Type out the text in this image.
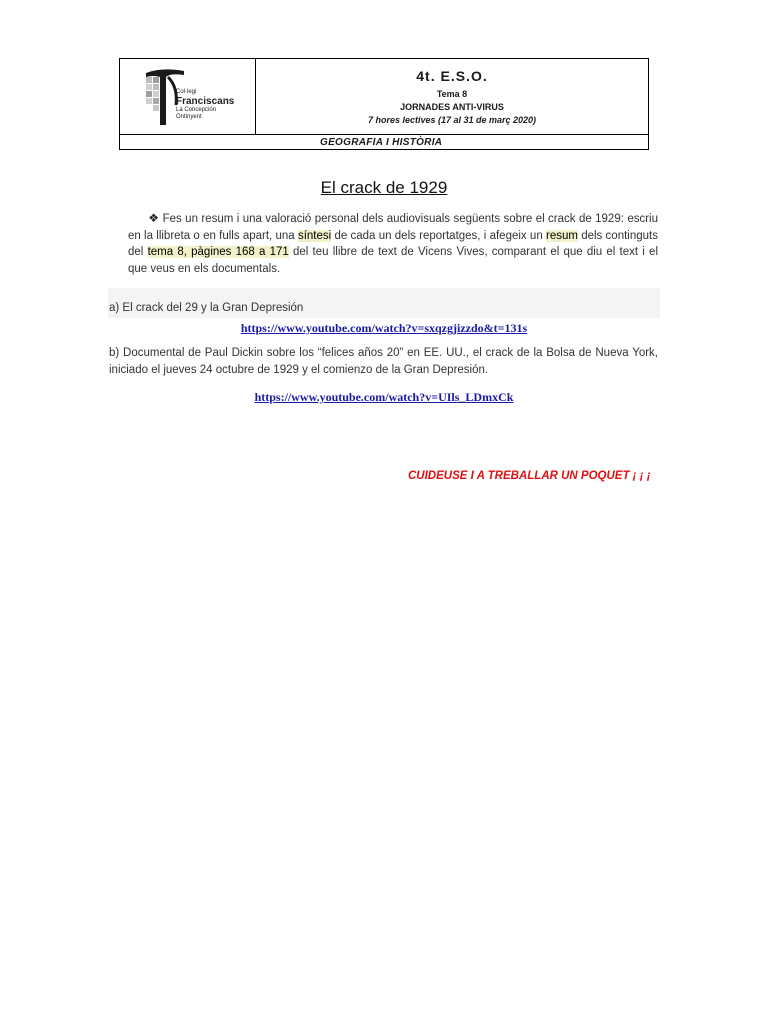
Col·legi
Franciscans
La Concepción
Ontinyent
4t. E.S.O.
Tema 8
JORNADES ANTI-VIRUS
7 hores lectives (17 al 31 de març 2020)
GEOGRAFIA I HISTÒRIA
El crack de 1929
❖ Fes un resum i una valoració personal dels audiovisuals següents sobre el crack de 1929: escriu en la llibreta o en fulls apart, una síntesi de cada un dels reportatges, i afegeix un resum dels continguts del tema 8, pàgines 168 a 171 del teu llibre de text de Vicens Vives, comparant el que diu el text i el que veus en els documentals.
a) El crack del 29 y la Gran Depresión
https://www.youtube.com/watch?v=sxqzgjizzdo&t=131s
b) Documental de Paul Dickin sobre los “felices años 20” en EE. UU., el crack de la Bolsa de Nueva York, iniciado el jueves 24 octubre de 1929 y el comienzo de la Gran Depresión.
https://www.youtube.com/watch?v=UIls_LDmxCk
CUIDEUSE I A TREBALLAR UN POQUET ¡ ¡ ¡
